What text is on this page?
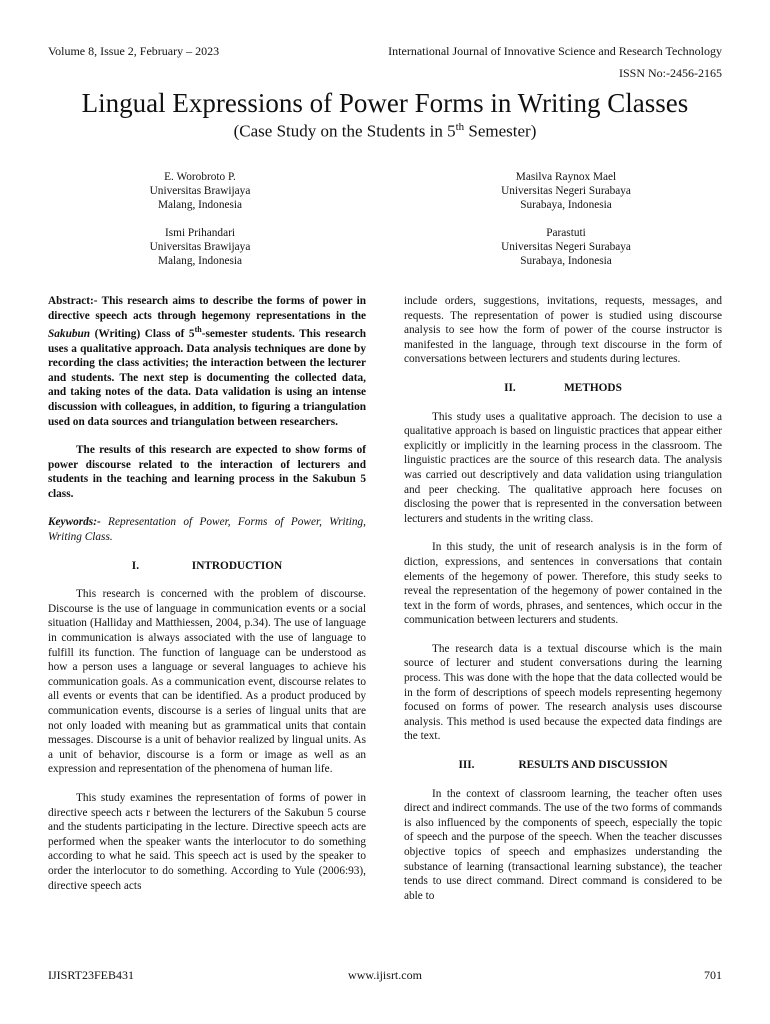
Volume 8, Issue 2, February – 2023	International Journal of Innovative Science and Research Technology
ISSN No:-2456-2165
Lingual Expressions of Power Forms in Writing Classes
(Case Study on the Students in 5th Semester)
E. Worobroto P.
Universitas Brawijaya
Malang, Indonesia
Masilva Raynox Mael
Universitas Negeri Surabaya
Surabaya, Indonesia
Ismi Prihandari
Universitas Brawijaya
Malang, Indonesia
Parastuti
Universitas Negeri Surabaya
Surabaya, Indonesia

Abstract:- This research aims to describe the forms of power in directive speech acts through hegemony representations in the Sakubun (Writing) Class of 5th-semester students. This research uses a qualitative approach. Data analysis techniques are done by recording the class activities; the interaction between the lecturer and students. The next step is documenting the collected data, and taking notes of the data. Data validation is using an intense discussion with colleagues, in addition, to figuring a triangulation used on data sources and triangulation between researchers.

The results of this research are expected to show forms of power discourse related to the interaction of lecturers and students in the teaching and learning process in the Sakubun 5 class.

Keywords:- Representation of Power, Forms of Power, Writing, Writing Class.

I.	INTRODUCTION

This research is concerned with the problem of discourse. Discourse is the use of language in communication events or a social situation (Halliday and Matthiessen, 2004, p.34). The use of language in communication is always associated with the use of language to fulfill its function. The function of language can be understood as how a person uses a language or several languages to achieve his communication goals. As a communication event, discourse relates to all events or events that can be identified. As a product produced by communication events, discourse is a series of lingual units that are not only loaded with meaning but as grammatical units that contain messages. Discourse is a unit of behavior realized by lingual units. As a unit of behavior, discourse is a form or image as well as an expression and representation of the phenomena of human life.

This study examines the representation of forms of power in directive speech acts r between the lecturers of the Sakubun 5 course and the students participating in the lecture. Directive speech acts are performed when the speaker wants the interlocutor to do something according to what he said. This speech act is used by the speaker to order the interlocutor to do something. According to Yule (2006:93), directive speech acts

include orders, suggestions, invitations, requests, messages, and requests. The representation of power is studied using discourse analysis to see how the form of power of the course instructor is manifested in the language, through text discourse in the form of conversations between lecturers and students during lectures.

II.	METHODS

This study uses a qualitative approach. The decision to use a qualitative approach is based on linguistic practices that appear either explicitly or implicitly in the learning process in the classroom. The linguistic practices are the source of this research data. The analysis was carried out descriptively and data validation using triangulation and peer checking. The qualitative approach here focuses on disclosing the power that is represented in the conversation between lecturers and students in the writing class.

In this study, the unit of research analysis is in the form of diction, expressions, and sentences in conversations that contain elements of the hegemony of power. Therefore, this study seeks to reveal the representation of the hegemony of power contained in the text in the form of words, phrases, and sentences, which occur in the communication between lecturers and students.

The research data is a textual discourse which is the main source of lecturer and student conversations during the learning process. This was done with the hope that the data collected would be in the form of descriptions of speech models representing hegemony focused on forms of power. The research analysis uses discourse analysis. This method is used because the expected data findings are the text.

III.	RESULTS AND DISCUSSION

In the context of classroom learning, the teacher often uses direct and indirect commands. The use of the two forms of commands is also influenced by the components of speech, especially the topic of speech and the purpose of the speech. When the teacher discusses objective topics of speech and emphasizes understanding the substance of learning (transactional learning substance), the teacher tends to use direct command. Direct command is considered to be able to

IJISRT23FEB431	www.ijisrt.com	701
